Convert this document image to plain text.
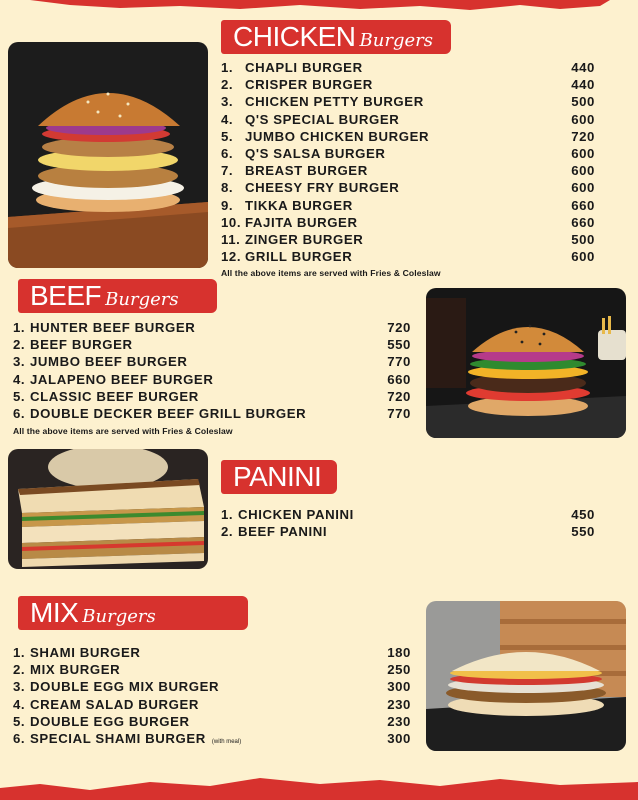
CHICKEN Burgers
1. CHAPLI BURGER	440
2. CRISPER BURGER	440
3. CHICKEN PETTY BURGER	500
4. Q'S SPECIAL BURGER	600
5. JUMBO CHICKEN BURGER	720
6. Q'S SALSA BURGER	600
7. BREAST BURGER	600
8. CHEESY FRY BURGER	600
9. TIKKA BURGER	660
10. FAJITA BURGER	660
11. ZINGER BURGER	500
12. GRILL BURGER	600
All the above items are served with Fries & Coleslaw
BEEF Burgers
1. HUNTER BEEF BURGER	720
2. BEEF BURGER	550
3. JUMBO BEEF BURGER	770
4. JALAPENO BEEF BURGER	660
5. CLASSIC BEEF BURGER	720
6. DOUBLE DECKER BEEF GRILL BURGER	770
All the above items are served with Fries & Coleslaw
PANINI
1. CHICKEN PANINI	450
2. BEEF PANINI	550
MIX Burgers
1. SHAMI BURGER	180
2. MIX BURGER	250
3. DOUBLE EGG MIX BURGER	300
4. CREAM SALAD BURGER	230
5. DOUBLE EGG BURGER	230
6. SPECIAL SHAMI BURGER (with meal)	300
